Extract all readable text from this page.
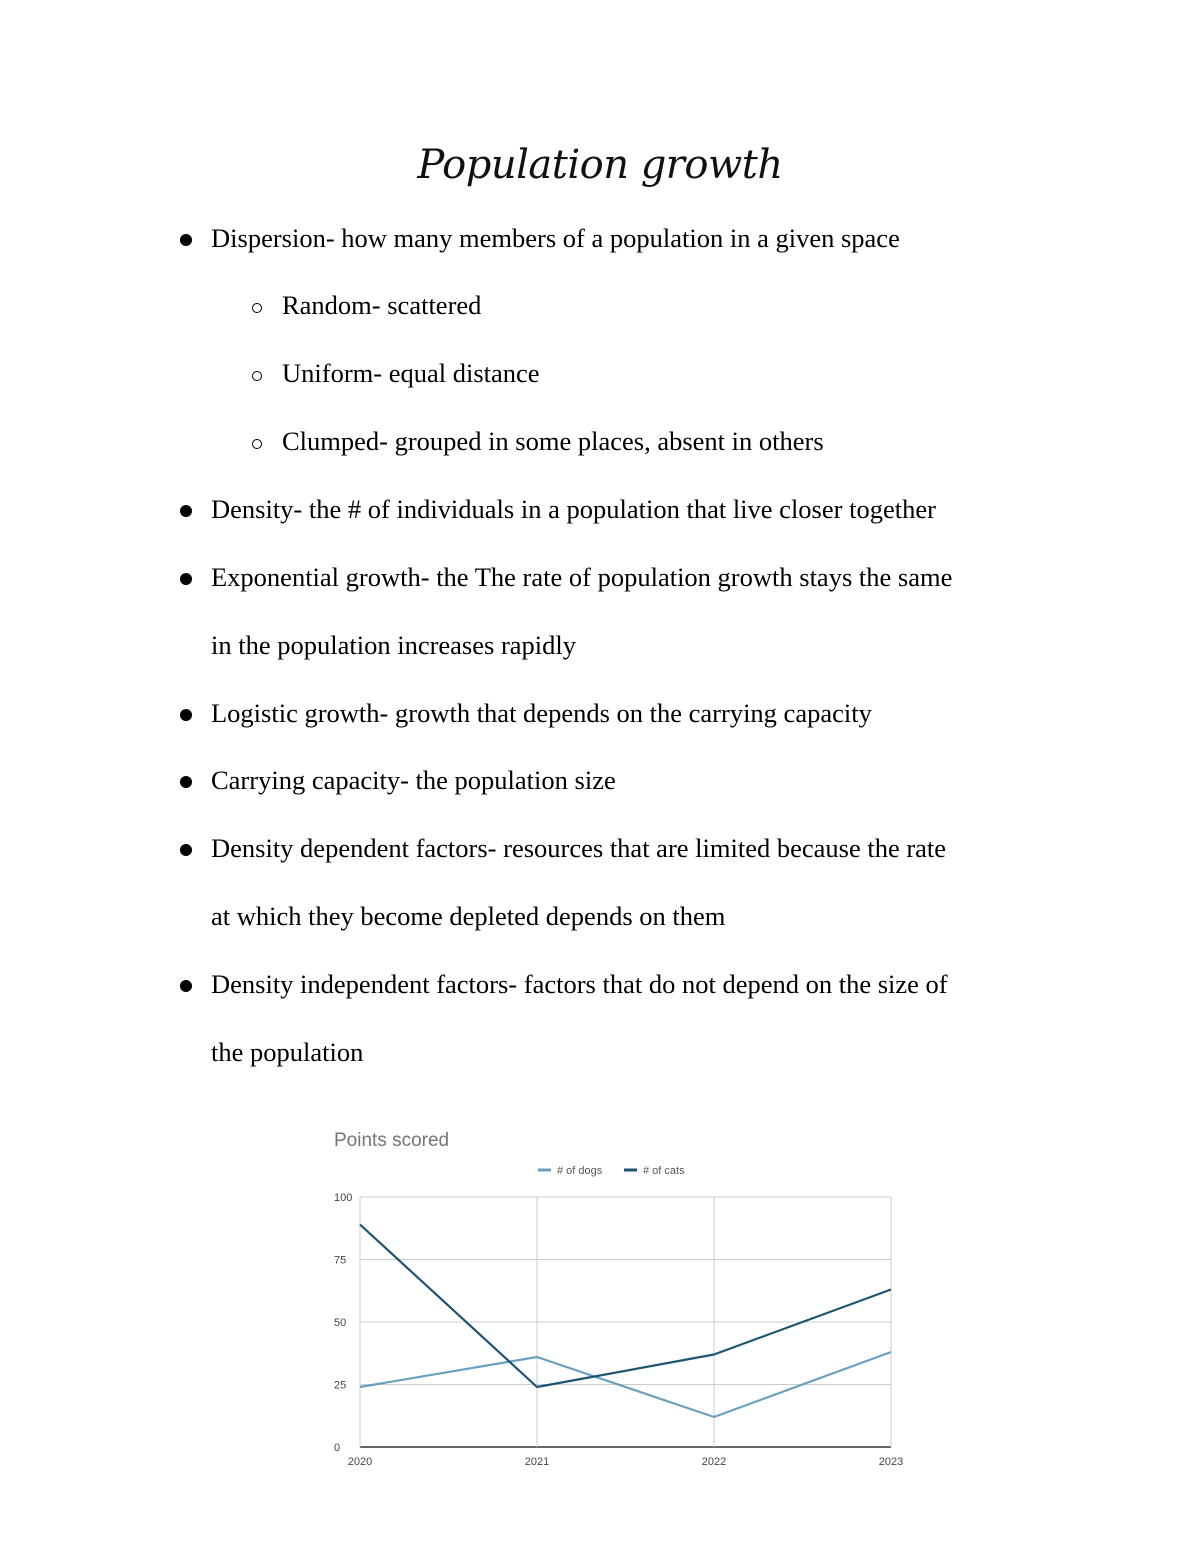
Population growth
Dispersion- how many members of a population in a given space
Random- scattered
Uniform- equal distance
Clumped- grouped in some places, absent in others
Density- the # of individuals in a population that live closer together
Exponential growth- the The rate of population growth stays the same
in the population increases rapidly
Logistic growth- growth that depends on the carrying capacity
Carrying capacity- the population size
Density dependent factors- resources that are limited because the rate
at which they become depleted depends on them
Density independent factors- factors that do not depend on the size of
the population
Points scored
# of dogs	# of cats
0
25
50
75
100
2020	2021	2022	2023
